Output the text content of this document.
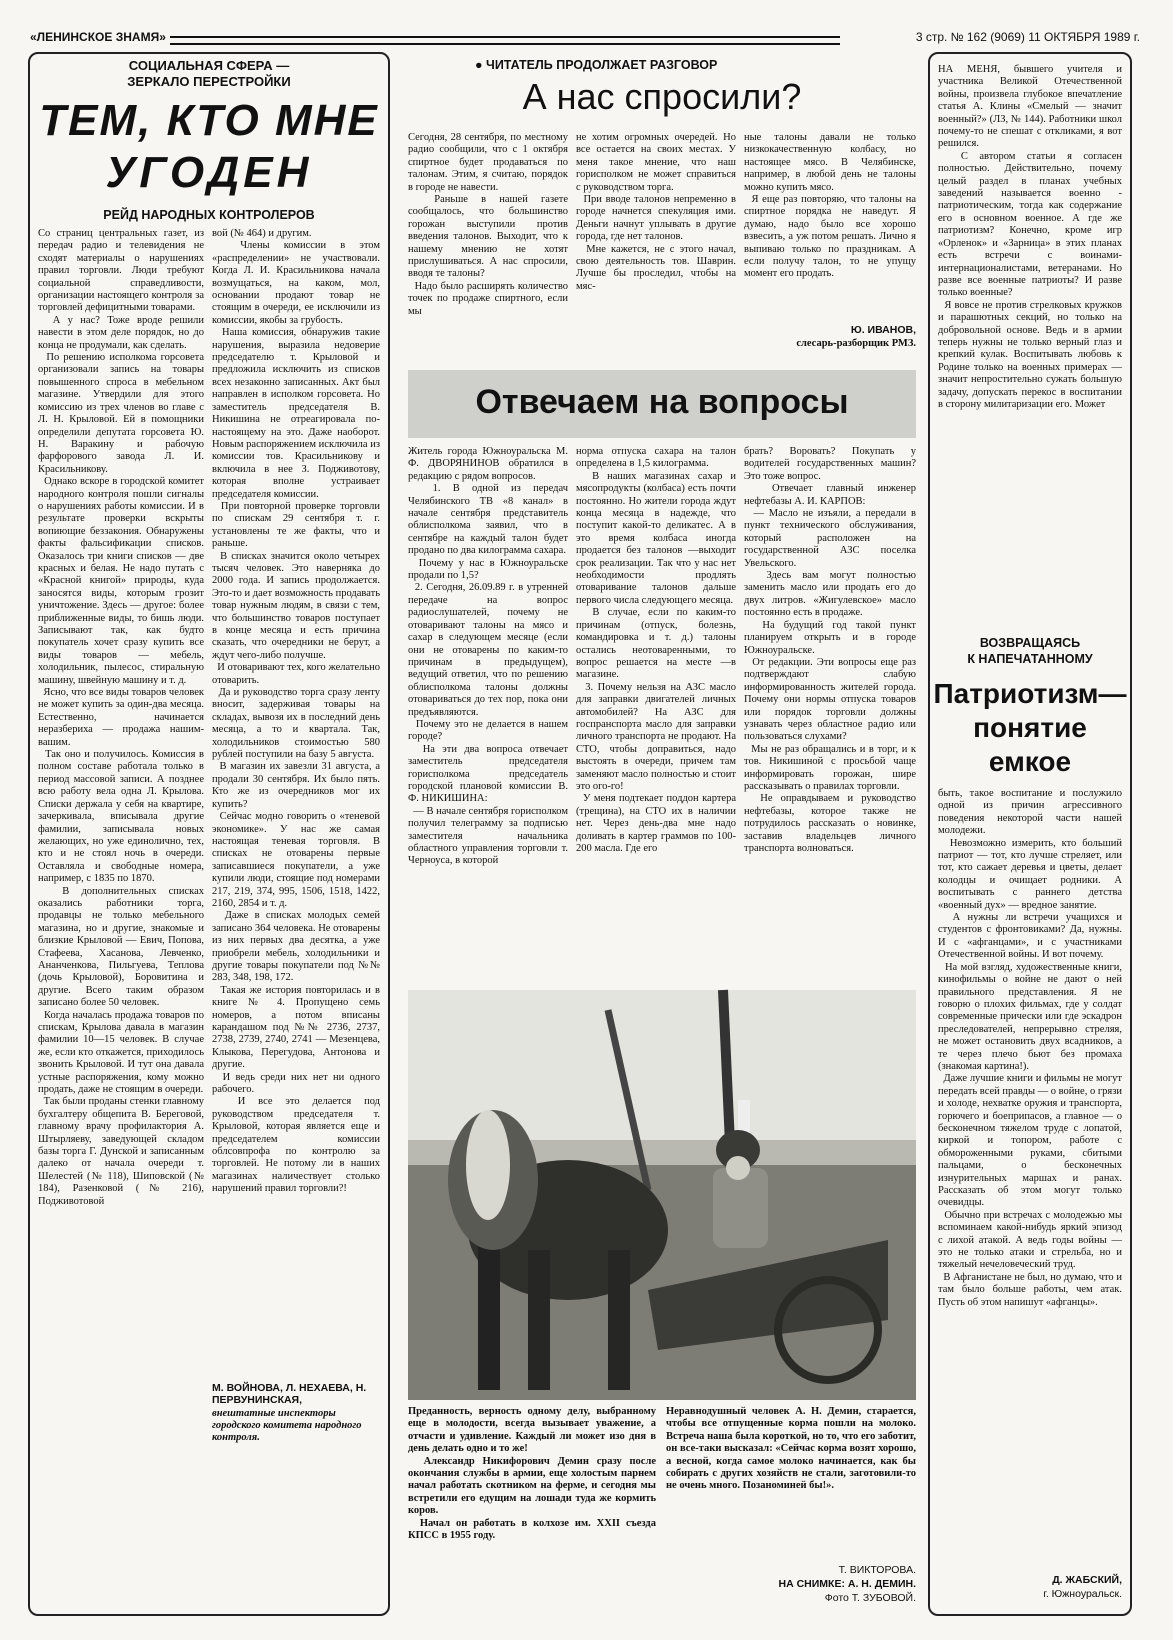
«ЛЕНИНСКОЕ ЗНАМЯ»	3 стр. № 162 (9069) 11 ОКТЯБРЯ 1989 г.
СОЦИАЛЬНАЯ СФЕРА —
ЗЕРКАЛО ПЕРЕСТРОЙКИ
ТЕМ, КТО МНЕ
УГОДЕН
РЕЙД НАРОДНЫХ КОНТРОЛЕРОВ
Со страниц центральных газет, из передач радио и телевидения не сходят материалы о нарушениях правил торговли. Люди требуют социальной справедливости, организации настоящего контроля за торговлей дефицитными товарами.
А у нас? Тоже вроде решили навести в этом деле порядок, но до конца не продумали, как сделать.
По решению исполкома горсовета организовали запись на товары повышенного спроса в мебельном магазине. Утвердили для этого комиссию из трех членов во главе с Л. Н. Крыловой. Ей в помощники определили депутата горсовета Ю. Н. Варакину и рабочую фарфорового завода Л. И. Красильникову.
Однако вскоре в городской комитет народного контроля пошли сигналы о нарушениях работы комиссии. И в результате проверки вскрыты вопиющие беззакония. Обнаружены факты фальсификации списков. Оказалось три книги списков — две красных и белая. Не надо путать с «Красной книгой» природы, куда заносятся виды, которым грозит уничтожение. Здесь — другое: более приближенные виды, то бишь люди. Записывают так, как будто покупатель хочет сразу купить все виды товаров — мебель, холодильник, пылесос, стиральную машину, швейную машину и т. д.
Ясно, что все виды товаров человек не может купить за один-два месяца. Естественно, начинается неразбериха — продажа нашим-вашим.
Так оно и получилось. Комиссия в полном составе работала только в период массовой записи. А позднее всю работу вела одна Л. Крылова. Списки держала у себя на квартире, зачеркивала, вписывала другие фамилии, записывала новых желающих, но уже единолично, тех, кто и не стоял ночь в очереди. Оставляла и свободные номера, например, с 1835 по 1870.
В дополнительных списках оказались работники торга, продавцы не только мебельного магазина, но и другие, знакомые и близкие Крыловой — Евич, Попова, Стафеева, Хасанова, Левченко, Ананченкова, Пильгуева, Теплова (дочь Крыловой), Боровитина и другие. Всего таким образом записано более 50 человек.
Когда началась продажа товаров по спискам, Крылова давала в магазин фамилии 10—15 человек. В случае же, если кто откажется, приходилось звонить Крыловой. И тут она давала устные распоряжения, кому можно продать, даже не стоящим в очереди.
Так были проданы стенки главному бухгалтеру общепита В. Береговой, главному врачу профилактория А. Штырляеву, заведующей складом базы торга Г. Дунской и записанным далеко от начала очереди т. Шелестей (№ 118), Шиповской (№ 184), Разенковой (№ 216), Подживотовой
вой (№ 464) и другим.
Члены комиссии в этом «распределении» не участвовали. Когда Л. И. Красильникова начала возмущаться, на каком, мол, основании продают товар не стоящим в очереди, ее исключили из комиссии, якобы за грубость.
Наша комиссия, обнаружив такие нарушения, выразила недоверие председателю т. Крыловой и предложила исключить из списков всех незаконно записанных. Акт был направлен в исполком горсовета. Но заместитель председателя В. Никишина не отреагировала по-настоящему на это. Даже наоборот. Новым распоряжением исключила из комиссии тов. Красильникову и включила в нее З. Подживотову, которая вполне устраивает председателя комиссии.
При повторной проверке торговли по спискам 29 сентября т. г. установлены те же факты, что и раньше.
В списках значится около четырех тысяч человек. Это наверняка до 2000 года. И запись продолжается. Это-то и дает возможность продавать товар нужным людям, в связи с тем, что большинство товаров поступает в конце месяца и есть причина сказать, что очередники не берут, а ждут чего-либо получше.
И отоваривают тех, кого желательно отоварить.
Да и руководство торга сразу ленту вносит, задерживая товары на складах, вывозя их в последний день месяца, а то и квартала. Так, холодильников стоимостью 580 рублей поступили на базу 5 августа.
В магазин их завезли 31 августа, а продали 30 сентября. Их было пять. Кто же из очередников мог их купить?
Сейчас модно говорить о «теневой экономике». У нас же самая настоящая теневая торговля. В списках не отоварены первые записавшиеся покупатели, а уже купили люди, стоящие под номерами 217, 219, 374, 995, 1506, 1518, 1422, 2160, 2854 и т. д.
Даже в списках молодых семей записано 364 человека. Не отоварены из них первых два десятка, а уже приобрели мебель, холодильники и другие товары покупатели под №№ 283, 348, 198, 172.
Такая же история повторилась и в книге № 4. Пропущено семь номеров, а потом вписаны карандашом под №№ 2736, 2737, 2738, 2739, 2740, 2741 — Мезенцева, Клыкова, Перегудова, Антонова и другие.
И ведь среди них нет ни одного рабочего.
И все это делается под руководством председателя т. Крыловой, которая является еще и председателем комиссии облсовпрофа по контролю за торговлей. Не потому ли в наших магазинах наличествует столько нарушений правил торговли?!
М. ВОЙНОВА, Л. НЕХАЕВА, Н. ПЕРВУНИНСКАЯ,
внештатные инспекторы городского комитета народного контроля.
● ЧИТАТЕЛЬ ПРОДОЛЖАЕТ РАЗГОВОР
А нас спросили?
Сегодня, 28 сентября, по местному радио сообщили, что с 1 октября спиртное будет продаваться по талонам. Этим, я считаю, порядок в городе не навести.
Раньше в нашей газете сообщалось, что большинство горожан выступили против введения талонов. Выходит, что к нашему мнению не хотят прислушиваться. А нас спросили, вводя те талоны?
Надо было расширять количество точек по продаже спиртного, если мы
не хотим огромных очередей. Но все остается на своих местах. У меня такое мнение, что наш горисполком не может справиться с руководством торга.
При вводе талонов непременно в городе начнется спекуляция ими. Деньги начнут уплывать в другие города, где нет талонов.
Мне кажется, не с этого начал, свою деятельность тов. Шаврин. Лучше бы проследил, чтобы на мяс-
ные талоны давали не только низкокачественную колбасу, но настоящее мясо. В Челябинске, например, в любой день не талоны можно купить мясо.
Я еще раз повторяю, что талоны на спиртное порядка не наведут. Я думаю, надо было все хорошо взвесить, а уж потом решать. Лично я выпиваю только по праздникам. А если получу талон, то не упущу момент его продать.
Ю. ИВАНОВ,
слесарь-разборщик РМЗ.
Отвечаем на вопросы
Житель города Южноуральска М. Ф. ДВОРЯНИНОВ обратился в редакцию с рядом вопросов.
1. В одной из передач Челябинского ТВ «8 канал» в начале сентября представитель облисполкома заявил, что в сентябре на каждый талон будет продано по два килограмма сахара.
Почему у нас в Южноуральске продали по 1,5?
2. Сегодня, 26.09.89 г. в утренней передаче на вопрос радиослушателей, почему не отоваривают талоны на мясо и сахар в следующем месяце (если они не отоварены по каким-то причинам в предыдущем), ведущий ответил, что по решению облисполкома талоны должны отовариваться до тех пор, пока они предъявляются.
Почему это не делается в нашем городе?
На эти два вопроса отвечает заместитель председателя горисполкома председатель городской плановой комиссии В. Ф. НИКИШИНА:
— В начале сентября горисполком получил телеграмму за подписью заместителя начальника областного управления торговли т. Черноуса, в которой
норма отпуска сахара на талон определена в 1,5 килограмма.
В наших магазинах сахар и мясопродукты (колбаса) есть почти постоянно. Но жители города ждут конца месяца в надежде, что поступит какой-то деликатес. А в это время колбаса иногда продается без талонов —выходит срок реализации. Так что у нас нет необходимости продлять отоваривание талонов дальше первого числа следующего месяца.
В случае, если по каким-то причинам (отпуск, болезнь, командировка и т. д.) талоны остались неотоваренными, то вопрос решается на месте —в магазине.
3. Почему нельзя на АЗС масло для заправки двигателей личных автомобилей? На АЗС для госпранспорта масло для заправки личного транспорта не продают. На СТО, чтобы доправиться, надо выстоять в очереди, причем там заменяют масло полностью и стоит это ого-го!
У меня подтекает поддон картера (трещина), на СТО их в наличии нет. Через день-два мне надо доливать в картер граммов по 100-200 масла. Где его
брать? Воровать? Покупать у водителей государственных машин? Это тоже вопрос.
Отвечает главный инженер нефтебазы А. И. КАРПОВ:
— Масло не изъяли, а передали в пункт технического обслуживания, который расположен на государственной АЗС поселка Увельского.
Здесь вам могут полностью заменить масло или продать его до двух литров. «Жигулевское» масло постоянно есть в продаже.
На будущий год такой пункт планируем открыть и в городе Южноуральске.
От редакции. Эти вопросы еще раз подтверждают слабую информированность жителей города. Почему они нормы отпуска товаров или порядок торговли должны узнавать через областное радио или пользоваться слухами?
Мы не раз обращались и в торг, и к тов. Никишиной с просьбой чаще информировать горожан, шире рассказывать о правилах торговли.
Не оправдываем и руководство нефтебазы, которое также не потрудилось рассказать о новинке, заставив владельцев личного транспорта волноваться.
Преданность, верность одному делу, выбранному еще в молодости, всегда вызывает уважение, а отчасти и удивление. Каждый ли может изо дня в день делать одно и то же!
Александр Никифорович Демин сразу после окончания службы в армии, еще холостым парнем начал работать скотником на ферме, и сегодня мы встретили его едущим на лошади туда же кормить коров.
Начал он работать в колхозе им. XXII съезда КПСС в 1955 году.
Неравнодушный человек А. Н. Демин, старается, чтобы все отпущенные корма пошли на молоко. Встреча наша была короткой, но то, что его заботит, он все-таки высказал: «Сейчас корма возят хорошо, а весной, когда самое молоко начинается, как бы собирать с других хозяйств не стали, заготовили-то не очень много. Позаноминей бы!».
Т. ВИКТОРОВА.
НА СНИМКЕ: А. Н. ДЕМИН.
Фото Т. ЗУБОВОЙ.
НА МЕНЯ, бывшего учителя и участника Великой Отечественной войны, произвела глубокое впечатление статья А. Клины «Смелый — значит военный?» (ЛЗ, № 144). Работники школ почему-то не спешат с откликами, я вот решился.
С автором статьи я согласен полностью. Действительно, почему целый раздел в планах учебных заведений называется военно - патриотическим, тогда как содержание его в основном военное. А где же патриотизм? Конечно, кроме игр «Орленок» и «Зарница» в этих планах есть встречи с воинами-интернационалистами, ветеранами. Но разве все военные патриоты? И разве только военные?
Я вовсе не против стрелковых кружков и парашютных секций, но только на добровольной основе. Ведь и в армии теперь нужны не только верный глаз и крепкий кулак. Воспитывать любовь к Родине только на военных примерах — значит непростительно сужать большую задачу, допускать перекос в воспитании в сторону милитаризации его. Может
ВОЗВРАЩАЯСЬ
К НАПЕЧАТАННОМУ
Патриотизм—
понятие
емкое
быть, такое воспитание и послужило одной из причин агрессивного поведения некоторой части нашей молодежи.
Невозможно измерить, кто больший патриот — тот, кто лучше стреляет, или тот, кто сажает деревья и цветы, делает колодцы и очищает родники. А воспитывать с раннего детства «военный дух» — вредное занятие.
А нужны ли встречи учащихся и студентов с фронтовиками? Да, нужны. И с «афганцами», и с участниками Отечественной войны. И вот почему.
На мой взгляд, художественные книги, кинофильмы о войне не дают о ней правильного представления. Я не говорю о плохих фильмах, где у солдат современные прически или где эскадрон преследователей, непрерывно стреляя, не может остановить двух всадников, а те через плечо бьют без промаха (знакомая картина!).
Даже лучшие книги и фильмы не могут передать всей правды — о войне, о грязи и холоде, нехватке оружия и транспорта, горючего и боеприпасов, а главное — о бесконечном тяжелом труде с лопатой, киркой и топором, работе с обмороженными руками, сбитыми пальцами, о бесконечных изнурительных маршах и ранах. Рассказать об этом могут только очевидцы.
Обычно при встречах с молодежью мы вспоминаем какой-нибудь яркий эпизод с лихой атакой. А ведь годы войны — это не только атаки и стрельба, но и тяжелый нечеловеческий труд.
В Афганистане не был, но думаю, что и там было больше работы, чем атак. Пусть об этом напишут «афганцы».
Д. ЖАБСКИЙ,
г. Южноуральск.
